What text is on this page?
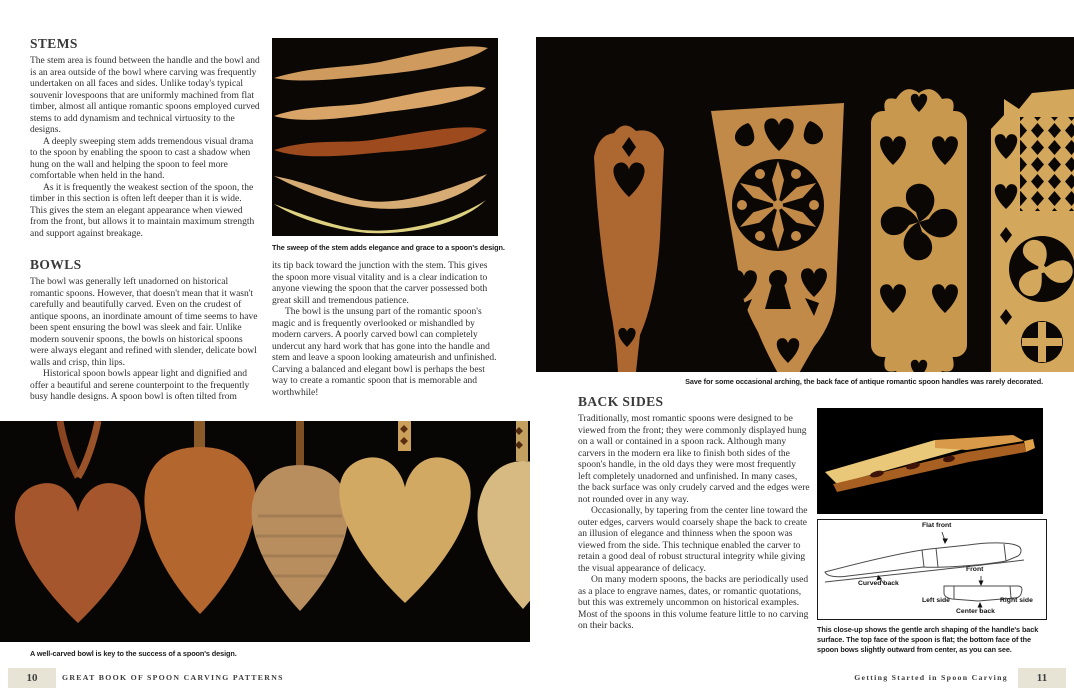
STEMS

The stem area is found between the handle and the bowl and is an area outside of the bowl where carving was frequently undertaken on all faces and sides. Unlike today's typical souvenir lovespoons that are uniformly machined from flat timber, almost all antique romantic spoons employed curved stems to add dynamism and technical virtuosity to the designs.

A deeply sweeping stem adds tremendous visual drama to the spoon by enabling the spoon to cast a shadow when hung on the wall and helping the spoon to feel more comfortable when held in the hand.

As it is frequently the weakest section of the spoon, the timber in this section is often left deeper than it is wide. This gives the stem an elegant appearance when viewed from the front, but allows it to maintain maximum strength and support against breakage.

The sweep of the stem adds elegance and grace to a spoon's design.

its tip back toward the junction with the stem. This gives the spoon more visual vitality and is a clear indication to anyone viewing the spoon that the carver possessed both great skill and tremendous patience.

The bowl is the unsung part of the romantic spoon's magic and is frequently overlooked or mishandled by modern carvers. A poorly carved bowl can completely undercut any hard work that has gone into the handle and stem and leave a spoon looking amateurish and unfinished. Carving a balanced and elegant bowl is perhaps the best way to create a romantic spoon that is memorable and worthwhile!

BOWLS

The bowl was generally left unadorned on historical romantic spoons. However, that doesn't mean that it wasn't carefully and beautifully carved. Even on the crudest of antique spoons, an inordinate amount of time seems to have been spent ensuring the bowl was sleek and fair. Unlike modern souvenir spoons, the bowls on historical spoons were always elegant and refined with slender, delicate bowl walls and crisp, thin lips.

Historical spoon bowls appear light and dignified and offer a beautiful and serene counterpoint to the frequently busy handle designs. A spoon bowl is often tilted from

A well-carved bowl is key to the success of a spoon's design.
10	GREAT BOOK OF SPOON CARVING PATTERNS
Save for some occasional arching, the back face of antique romantic spoon handles was rarely decorated.
BACK SIDES

Traditionally, most romantic spoons were designed to be viewed from the front; they were commonly displayed hung on a wall or contained in a spoon rack. Although many carvers in the modern era like to finish both sides of the spoon's handle, in the old days they were most frequently left completely unadorned and unfinished. In many cases, the back surface was only crudely carved and the edges were not rounded over in any way.

Occasionally, by tapering from the center line toward the outer edges, carvers would coarsely shape the back to create an illusion of elegance and thinness when the spoon was viewed from the side. This technique enabled the carver to retain a good deal of robust structural integrity while giving the visual appearance of delicacy.

On many modern spoons, the backs are periodically used as a place to engrave names, dates, or romantic quotations, but this was extremely uncommon on historical examples. Most of the spoons in this volume feature little to no carving on their backs.

Flat front
Curved back
Front
Left side	Right side
Center back
This close-up shows the gentle arch shaping of the handle's back surface. The top face of the spoon is flat; the bottom face of the spoon bows slightly outward from center, as you can see.
Getting Started in Spoon Carving	11
